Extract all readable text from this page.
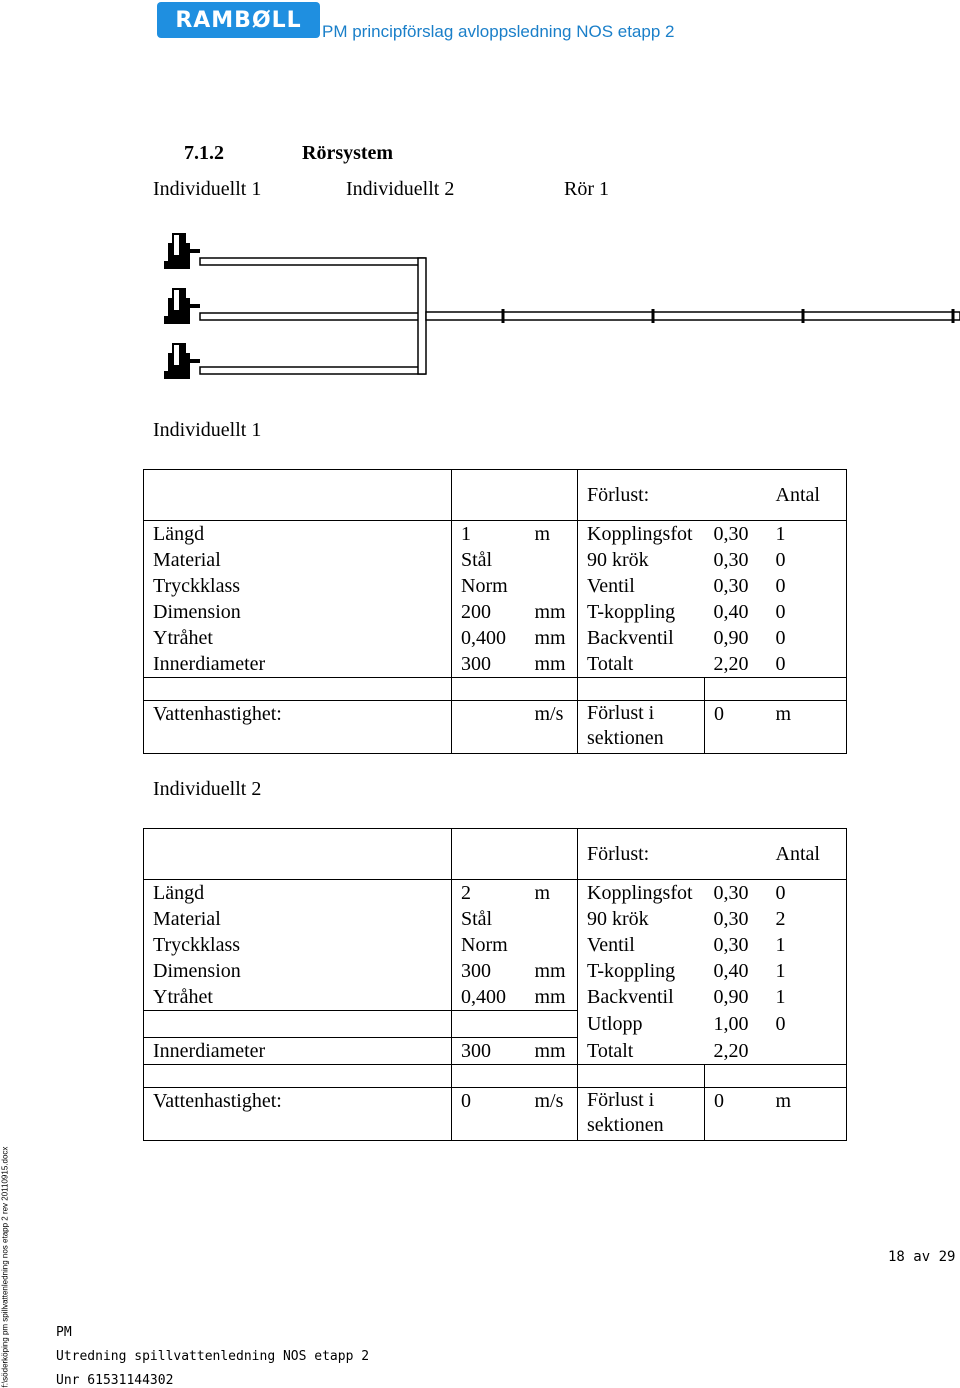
RAMBØLL PM principförslag avloppsledning NOS etapp 2
7.1.2	Rörsystem
Individuellt 1	Individuellt 2	Rör 1
Individuellt 1
			Förlust:		Antal
Längd	1	m	Kopplingsfot	0,30	1
Material	Stål		90 krök	0,30	0
Tryckklass	Norm		Ventil	0,30	0
Dimension	200	mm	T-koppling	0,40	0
Ytråhet	0,400	mm	Backventil	0,90	0
Innerdiameter	300	mm	Totalt	2,20	0

Vattenhastighet:		m/s	Förlust i
sektionen	0	m
Individuellt 2
			Förlust:		Antal
Längd	2	m	Kopplingsfot	0,30	0
Material	Stål		90 krök	0,30	2
Tryckklass	Norm		Ventil	0,30	1
Dimension	300	mm	T-koppling	0,40	1
Ytråhet	0,400	mm	Backventil	0,90	1
			Utlopp	1,00	0
Innerdiameter	300	mm	Totalt	2,20	

Vattenhastighet:	0	m/s	Förlust i
sektionen	0	m
18 av 29
PM
Utredning spillvattenledning NOS etapp 2
Unr 61531144302
f:\söderköping pm spillvattenledning nos etapp 2 rev 20110915.docx
